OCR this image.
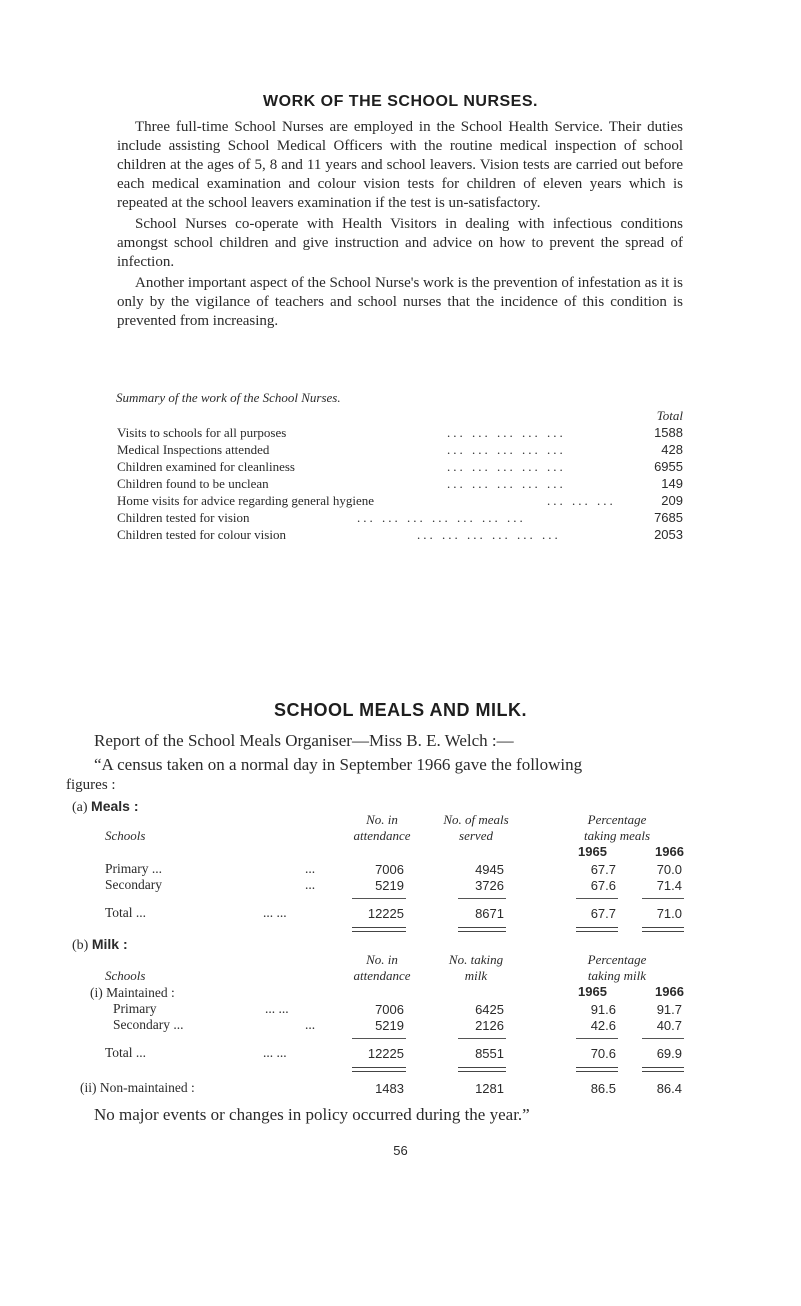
WORK OF THE SCHOOL NURSES.

Three full-time School Nurses are employed in the School Health Service. Their duties include assisting School Medical Officers with the routine medical inspection of school children at the ages of 5, 8 and 11 years and school leavers. Vision tests are carried out before each medical examination and colour vision tests for children of eleven years which is repeated at the school leavers examination if the test is un-satisfactory.

School Nurses co-operate with Health Visitors in dealing with infectious conditions amongst school children and give instruction and advice on how to prevent the spread of infection.

Another important aspect of the School Nurse's work is the prevention of infestation as it is only by the vigilance of teachers and school nurses that the incidence of this condition is prevented from increasing.

Summary of the work of the School Nurses.
Total
Visits to schools for all purposes	... ... ... ... ...	1588
Medical Inspections attended	... ... ... ... ...	428
Children examined for cleanliness	... ... ... ... ...	6955
Children found to be unclean	... ... ... ... ...	149
Home visits for advice regarding general hygiene	... ... ...	209
Children tested for vision	... ... ... ... ... ... ...	7685
Children tested for colour vision	... ... ... ... ... ...	2053
SCHOOL MEALS AND MILK.
Report of the School Meals Organiser—Miss B. E. Welch :—
“A census taken on a normal day in September 1966 gave the following
figures :
(a) Meals :
No. in
attendance
No. of meals
served
Percentage
taking meals
Schools
1965	1966
Primary ...	...	7006	4945	67.7	70.0
Secondary	...	5219	3726	67.6	71.4
Total ...	... ...	12225	8671	67.7	71.0
(b) Milk :
No. in
attendance
No. taking
milk
Percentage
taking milk
Schools
1965	1966
(i) Maintained :
Primary	... ...	7006	6425	91.6	91.7
Secondary ...	...	5219	2126	42.6	40.7
Total ...	... ...	12225	8551	70.6	69.9
(ii) Non-maintained :	1483	1281	86.5	86.4
No major events or changes in policy occurred during the year.”
56
